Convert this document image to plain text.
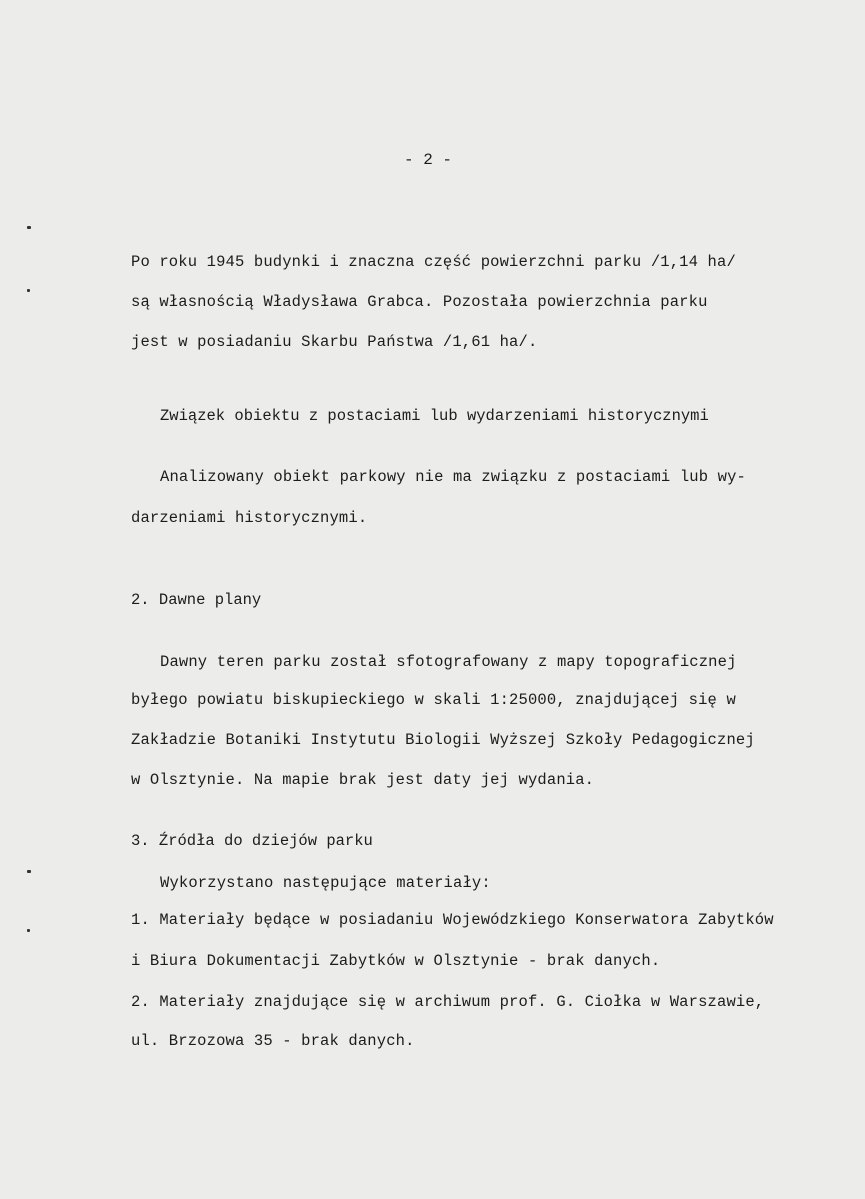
- 2 -
Po roku 1945 budynki i znaczna część powierzchni parku /1,14 ha/
są własnością Władysława Grabca. Pozostała powierzchnia parku
jest w posiadaniu Skarbu Państwa /1,61 ha/.
Związek obiektu z postaciami lub wydarzeniami historycznymi
Analizowany obiekt parkowy nie ma związku z postaciami lub wy-
darzeniami historycznymi.
2. Dawne plany
Dawny teren parku został sfotografowany z mapy topograficznej
byłego powiatu biskupieckiego w skali 1:25000, znajdującej się w
Zakładzie Botaniki Instytutu Biologii Wyższej Szkoły Pedagogicznej
w Olsztynie. Na mapie brak jest daty jej wydania.
3. Źródła do dziejów parku
Wykorzystano następujące materiały:
1. Materiały będące w posiadaniu Wojewódzkiego Konserwatora Zabytków
i Biura Dokumentacji Zabytków w Olsztynie - brak danych.
2. Materiały znajdujące się w archiwum prof. G. Ciołka w Warszawie,
ul. Brzozowa 35 - brak danych.
